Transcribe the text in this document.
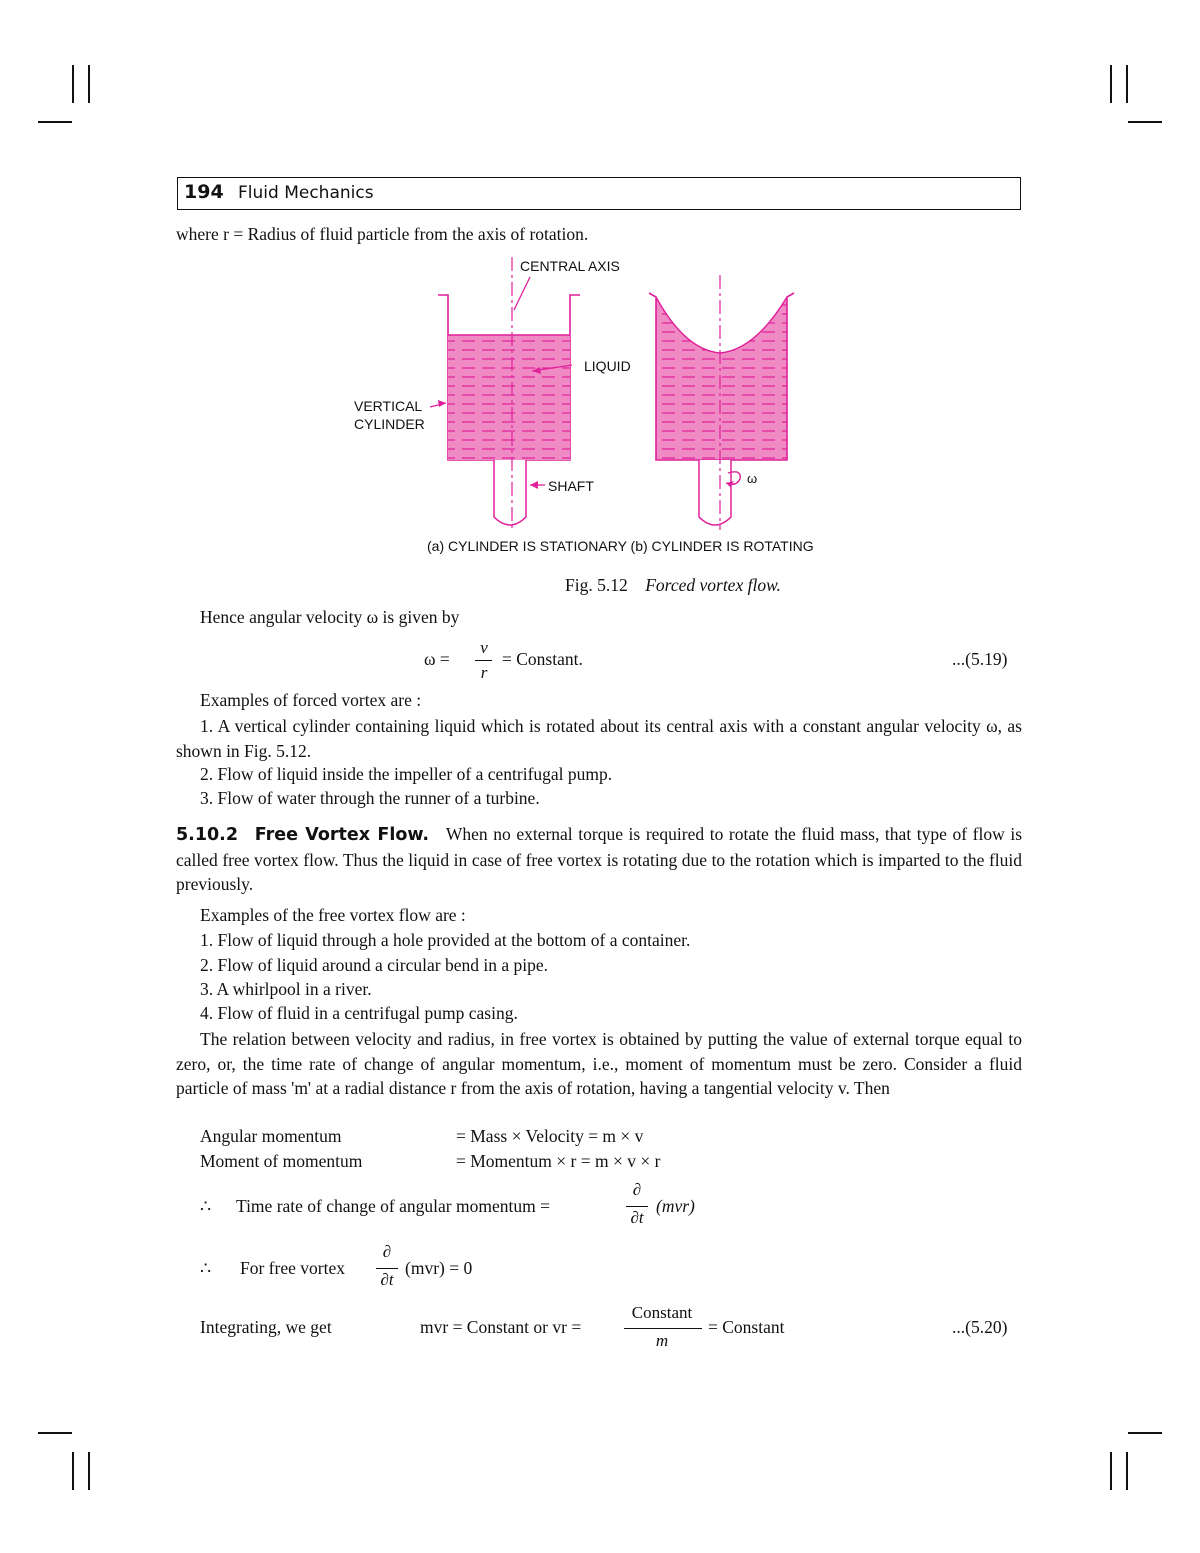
194 Fluid Mechanics
where r = Radius of fluid particle from the axis of rotation.
CENTRAL AXIS
LIQUID
VERTICAL
CYLINDER
SHAFT	ω
(a) CYLINDER IS STATIONARY (b) CYLINDER IS ROTATING
Fig. 5.12 Forced vortex flow.
Hence angular velocity ω is given by
ω =
v
r
= Constant.	...(5.19)
Examples of forced vortex are :
1. A vertical cylinder containing liquid which is rotated about its central axis with a constant angular velocity ω, as shown in Fig. 5.12.
2. Flow of liquid inside the impeller of a centrifugal pump.
3. Flow of water through the runner of a turbine.
5.10.2 Free Vortex Flow. When no external torque is required to rotate the fluid mass, that type of flow is called free vortex flow. Thus the liquid in case of free vortex is rotating due to the rotation which is imparted to the fluid previously.
Examples of the free vortex flow are :
1. Flow of liquid through a hole provided at the bottom of a container.
2. Flow of liquid around a circular bend in a pipe.
3. A whirlpool in a river.
4. Flow of fluid in a centrifugal pump casing.
The relation between velocity and radius, in free vortex is obtained by putting the value of external torque equal to zero, or, the time rate of change of angular momentum, i.e., moment of momentum must be zero. Consider a fluid particle of mass 'm' at a radial distance r from the axis of rotation, having a tangential velocity v. Then
Angular momentum	= Mass × Velocity = m × v
Moment of momentum	= Momentum × r = m × v × r
∴ Time rate of change of angular momentum =
∂
∂t
(mvr)
∴ For free vortex
∂
∂t
(mvr) = 0
Integrating, we get	mvr = Constant or vr =
Constant
m
= Constant	...(5.20)
